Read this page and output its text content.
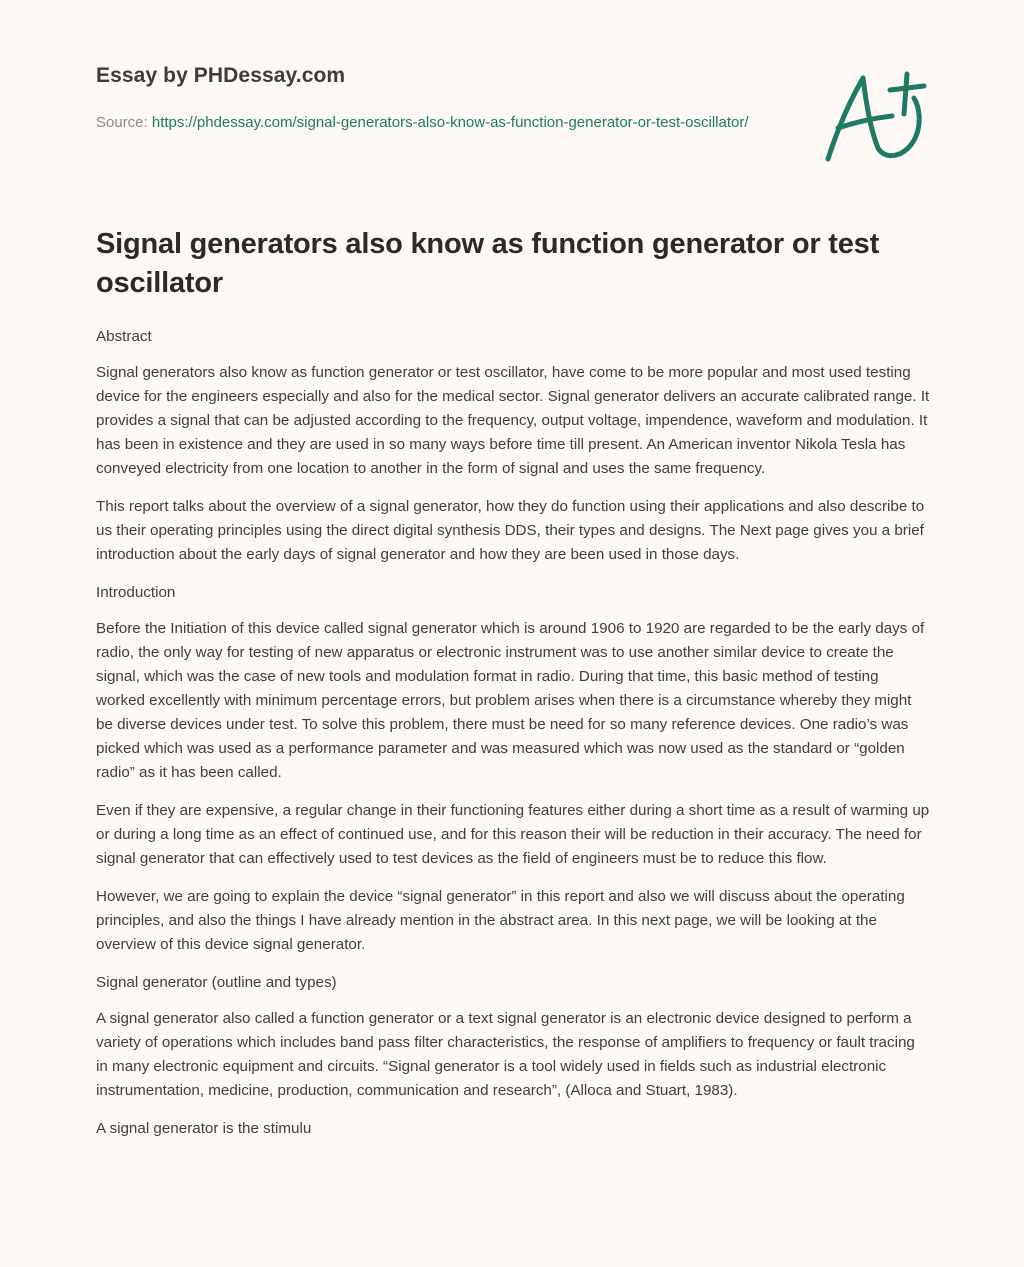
Essay by PHDessay.com

Source: https://phdessay.com/signal-generators-also-know-as-function-generator-or-test-oscillator/

Signal generators also know as function generator or test oscillator

Abstract

Signal generators also know as function generator or test oscillator, have come to be more popular and most used testing device for the engineers especially and also for the medical sector. Signal generator delivers an accurate calibrated range. It provides a signal that can be adjusted according to the frequency, output voltage, impendence, waveform and modulation. It has been in existence and they are used in so many ways before time till present. An American inventor Nikola Tesla has conveyed electricity from one location to another in the form of signal and uses the same frequency.

This report talks about the overview of a signal generator, how they do function using their applications and also describe to us their operating principles using the direct digital synthesis DDS, their types and designs. The Next page gives you a brief introduction about the early days of signal generator and how they are been used in those days.

Introduction

Before the Initiation of this device called signal generator which is around 1906 to 1920 are regarded to be the early days of radio, the only way for testing of new apparatus or electronic instrument was to use another similar device to create the signal, which was the case of new tools and modulation format in radio. During that time, this basic method of testing worked excellently with minimum percentage errors, but problem arises when there is a circumstance whereby they might be diverse devices under test. To solve this problem, there must be need for so many reference devices. One radio’s was picked which was used as a performance parameter and was measured which was now used as the standard or “golden radio” as it has been called.

Even if they are expensive, a regular change in their functioning features either during a short time as a result of warming up or during a long time as an effect of continued use, and for this reason their will be reduction in their accuracy. The need for signal generator that can effectively used to test devices as the field of engineers must be to reduce this flow.

However, we are going to explain the device “signal generator” in this report and also we will discuss about the operating principles, and also the things I have already mention in the abstract area. In this next page, we will be looking at the overview of this device signal generator.

Signal generator (outline and types)

A signal generator also called a function generator or a text signal generator is an electronic device designed to perform a variety of operations which includes band pass filter characteristics, the response of amplifiers to frequency or fault tracing in many electronic equipment and circuits. “Signal generator is a tool widely used in fields such as industrial electronic instrumentation, medicine, production, communication and research”, (Alloca and Stuart, 1983).

A signal generator is the stimulu
